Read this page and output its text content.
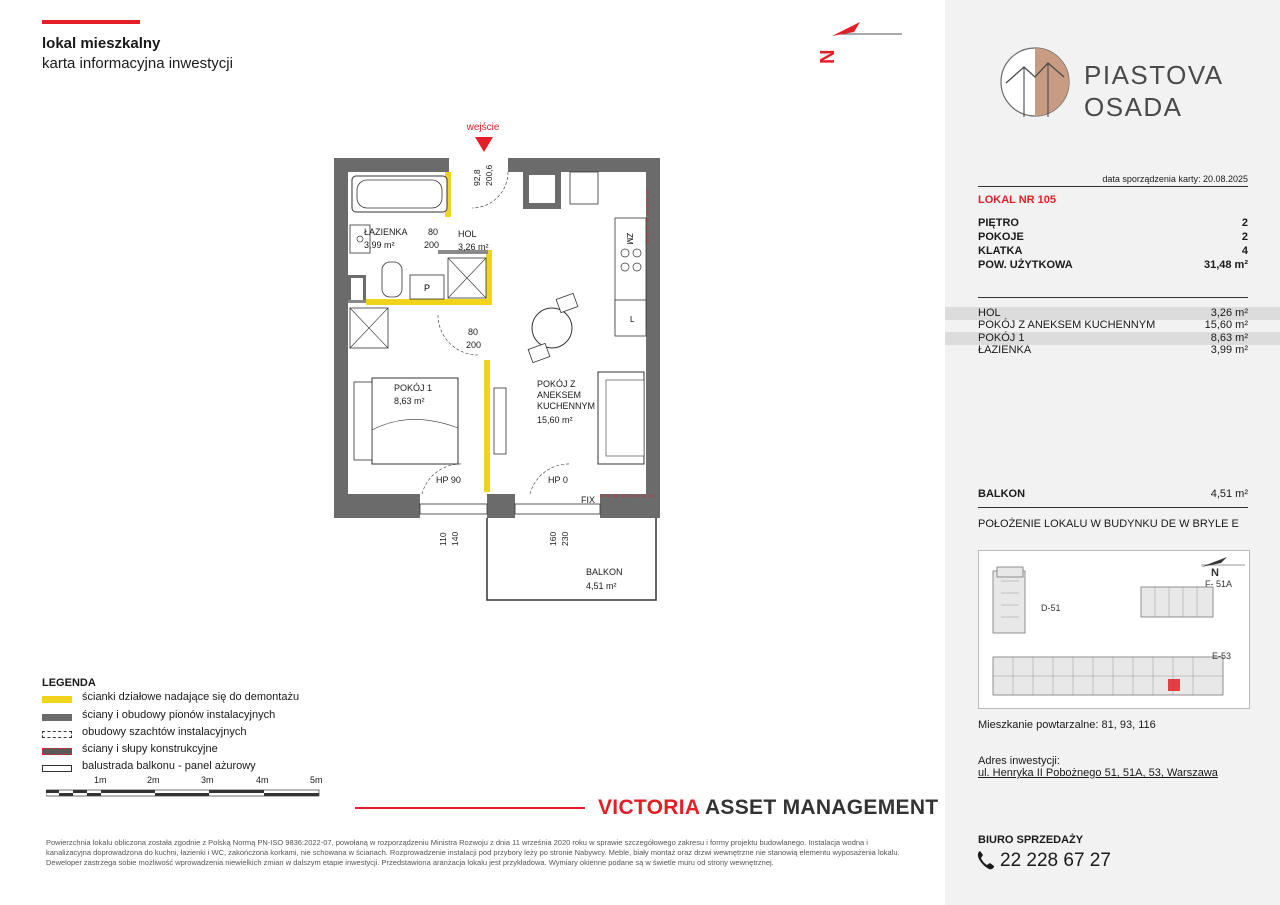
lokal mieszkalny
karta informacyjna inwestycji	N
PIASTOVA
OSADA
data sporządzenia karty: 20.08.2025
LOKAL NR 105
PIĘTRO	2
POKOJE	2
KLATKA	4
POW. UŻYTKOWA	31,48 m²
HOL	3,26 m²
POKÓJ Z ANEKSEM KUCHENNYM	15,60 m²
POKÓJ 1	8,63 m²
ŁAZIENKA	3,99 m²
BALKON	4,51 m²
POŁOŻENIE LOKALU W BUDYNKU DE W BRYLE E
D-51
F- 51A
E-53
N
Mieszkanie powtarzalne: 81, 93, 116
Adres inwestycji:
ul. Henryka II Pobożnego 51, 51A, 53, Warszawa
BIURO SPRZEDAŻY
22 228 67 27
wejście
P
ZM
L
ŁAZIENKA
3,99 m²
HOL
3,26 m²
POKÓJ 1
8,63 m²
POKÓJ Z
ANEKSEM
KUCHENNYM
15,60 m²
BALKON
4,51 m²
80
200
80
200
HP 90	HP 0
FIX
92,8 200,6
110 140	160 230
LEGENDA
ścianki działowe nadające się do demontażu
ściany i obudowy pionów instalacyjnych
obudowy szachtów instalacyjnych
ściany i słupy konstrukcyjne
balustrada balkonu - panel ażurowy
1m	2m	3m	4m	5m
VICTORIA ASSET MANAGEMENT
Powierzchnia lokalu obliczona została zgodnie z Polską Normą PN-ISO 9836:2022-07, powołaną w rozporządzeniu Ministra Rozwoju z dnia 11 września 2020 roku w sprawie szczegółowego zakresu i formy projektu budowlanego. Instalacja wodna i kanalizacyjna doprowadzona do kuchni, łazienki i WC, zakończona korkami, nie schowana w ścianach. Rozprowadzenie instalacji pod przybory leży po stronie Nabywcy. Meble, biały montaż oraz drzwi wewnętrzne nie stanowią elementu wyposażenia lokalu. Deweloper zastrzega sobie możliwość wprowadzenia niewielkich zmian w dalszym etapie inwestycji. Przedstawiona aranżacja lokalu jest przykładowa. Wymiary okienne podane są w świetle muru od strony wewnętrznej.
